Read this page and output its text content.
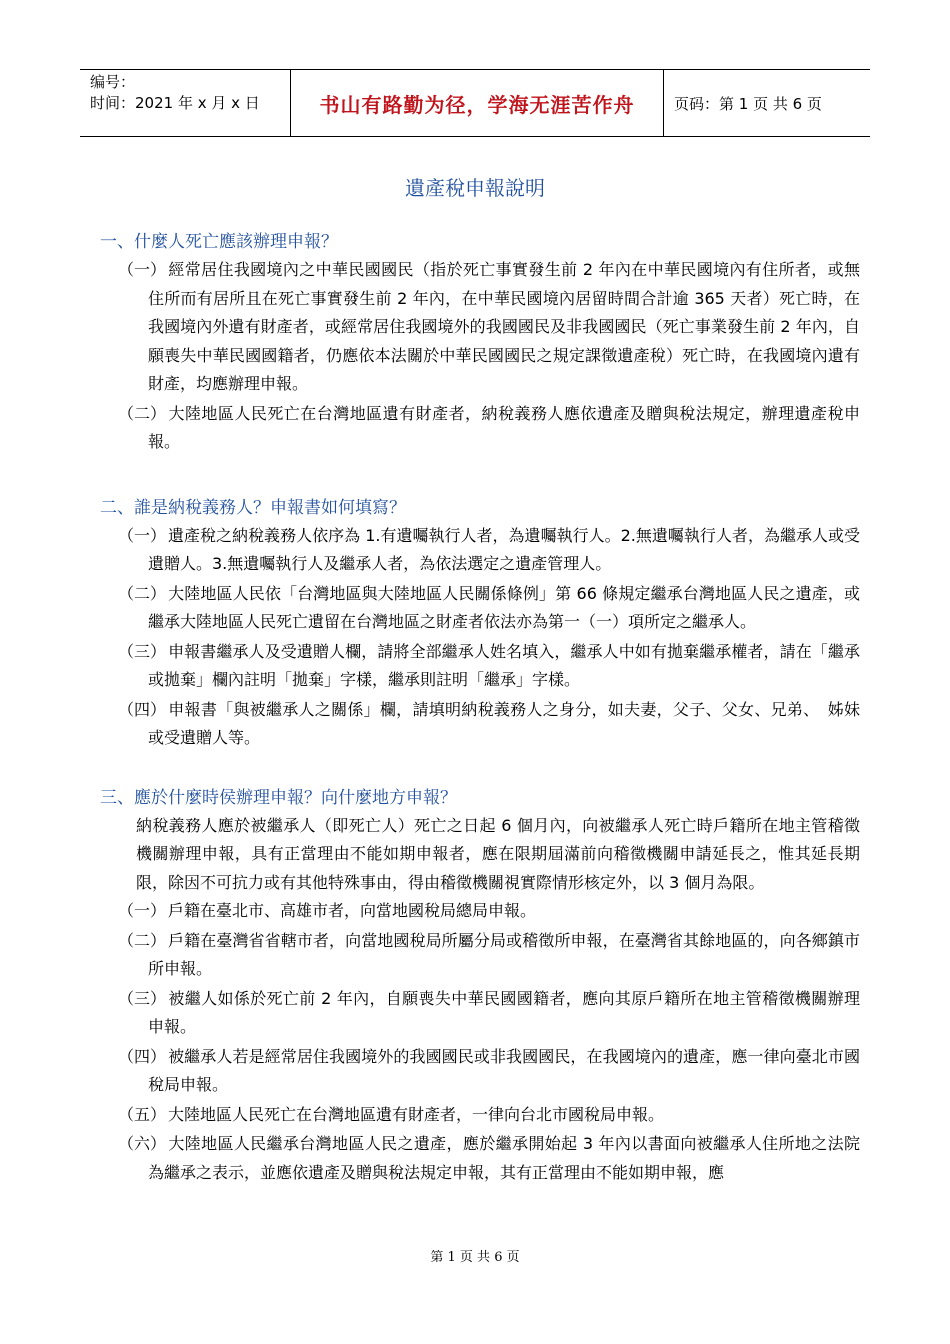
编号：
时间：2021 年 x 月 x 日	书山有路勤为径，学海无涯苦作舟	页码：第 1 页 共 6 页
遺產稅申報說明

一、什麼人死亡應該辦理申報？

（一） 經常居住我國境內之中華民國國民（指於死亡事實發生前 2 年內在中華民國境內有住所者，或無住所而有居所且在死亡事實發生前 2 年內，在中華民國境內居留時間合計逾 365 天者）死亡時，在我國境內外遺有財產者，或經常居住我國境外的我國國民及非我國國民（死亡事業發生前 2 年內，自願喪失中華民國國籍者，仍應依本法關於中華民國國民之規定課徵遺產稅）死亡時，在我國境內遺有財產，均應辦理申報。

（二） 大陸地區人民死亡在台灣地區遺有財產者，納稅義務人應依遺產及贈與稅法規定，辦理遺產稅申報。

二、誰是納稅義務人？申報書如何填寫？

（一） 遺產稅之納稅義務人依序為 1.有遺囑執行人者，為遺囑執行人。2.無遺囑執行人者，為繼承人或受遺贈人。3.無遺囑執行人及繼承人者，為依法選定之遺產管理人。

（二） 大陸地區人民依「台灣地區與大陸地區人民關係條例」第 66 條規定繼承台灣地區人民之遺產，或繼承大陸地區人民死亡遺留在台灣地區之財產者依法亦為第一（一）項所定之繼承人。

（三） 申報書繼承人及受遺贈人欄，請將全部繼承人姓名填入，繼承人中如有拋棄繼承權者，請在「繼承或拋棄」欄內註明「拋棄」字樣，繼承則註明「繼承」字樣。

（四） 申報書「與被繼承人之關係」欄，請填明納稅義務人之身分，如夫妻，父子、父女、兄弟、　姊妹或受遺贈人等。

三、應於什麼時侯辦理申報？向什麼地方申報？

納稅義務人應於被繼承人（即死亡人）死亡之日起 6 個月內，向被繼承人死亡時戶籍所在地主管稽徵機關辦理申報，具有正當理由不能如期申報者，應在限期屆滿前向稽徵機關申請延長之，惟其延長期限，除因不可抗力或有其他特殊事由，得由稽徵機關視實際情形核定外，以 3 個月為限。

（一） 戶籍在臺北市、高雄市者，向當地國稅局總局申報。

（二） 戶籍在臺灣省省轄市者，向當地國稅局所屬分局或稽徵所申報，在臺灣省其餘地區的，向各鄉鎮市所申報。

（三） 被繼人如係於死亡前 2 年內，自願喪失中華民國國籍者，應向其原戶籍所在地主管稽徵機關辦理申報。

（四） 被繼承人若是經常居住我國境外的我國國民或非我國國民，在我國境內的遺產，應一律向臺北市國稅局申報。

（五） 大陸地區人民死亡在台灣地區遺有財產者，一律向台北市國稅局申報。

（六） 大陸地區人民繼承台灣地區人民之遺產，應於繼承開始起 3 年內以書面向被繼承人住所地之法院為繼承之表示，並應依遺產及贈與稅法規定申報，其有正當理由不能如期申報，應

第 1 页 共 6 页
